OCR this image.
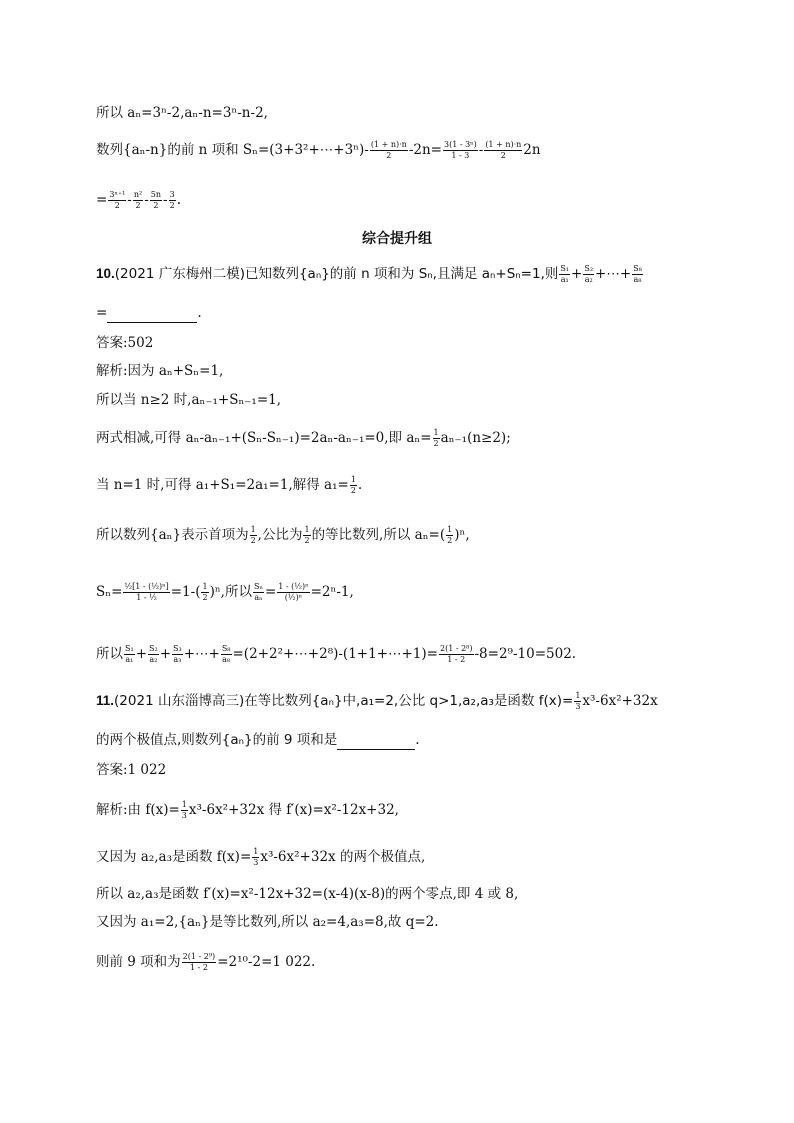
所以 aₙ=3ⁿ-2,aₙ-n=3ⁿ-n-2,
数列{aₙ-n}的前 n 项和 Sₙ=(3+3²+⋯+3ⁿ)- $\frac{(1 + n)\cdot n}{2} -2n= \frac{\text{3(1 - 3ⁿ)}}{1 - 3} - \frac{(1 + n)\cdot n}{2} 2n$
= $\frac{\text{3ⁿ⁺¹}}{2} - \frac{\text{n²}}{2} - \frac{5n}{2} - \frac{3}{2}$ .
综合提升组
10.(2021 广东梅州二模)已知数列{aₙ}的前 n 项和为 Sₙ,且满足 aₙ+Sₙ=1,则 $\frac{\text{S₁}}{\text{a₁}} + \frac{\text{S₂}}{\text{a₂}}$ +⋯+ $\frac{\text{S₈}}{\text{a₈}}$
=	.
答案:502
解析:因为 aₙ+Sₙ=1,
所以当 n≥2 时,aₙ₋₁+Sₙ₋₁=1,
两式相减,可得 aₙ-aₙ₋₁+(Sₙ-Sₙ₋₁)=2aₙ-aₙ₋₁=0,即 $a_n= \frac{1}{2} a_{n-1}(n\ge 2)$;
当 n=1 时,可得 a₁+S₁=2a₁=1,解得 $a_1= \frac{1}{2}$ .
所以数列{aₙ}表示首项为 $\frac{1}{2}$ ,公比为 $\frac{1}{2}$ 的等比数列,所以 $a_n=( \frac{1}{2} )^n$,
$S_n= \frac{\text{½[1 - (½)ⁿ]}}{\text{1 - ½}} =1-( \frac{1}{2} )^n$,所以 $\frac{\text{Sₙ}}{\text{aₙ}} = \frac{\text{1 - (½)ⁿ}}{\text{(½)ⁿ}} =2^n-1$,
所以 $\frac{\text{S₁}}{\text{a₁}} + \frac{\text{S₂}}{\text{a₂}} + \frac{\text{S₃}}{\text{a₃}}$ +⋯+ $\frac{\text{S₈}}{\text{a₈}}$ =(2+2²+⋯+2⁸)-(1+1+⋯+1)= $\frac{\text{2(1 - 2⁸)}}{1 - 2} -8=2^9-10=502$.
11.(2021 山东淄博高三)在等比数列{aₙ}中,a₁=2,公比 q>1,a₂,a₃是函数 $f(x)= \frac{1}{3} x^3-6x^2+32x$
的两个极值点,则数列{aₙ}的前 9 项和是	.
答案:1 022
解析:由 $f(x)= \frac{1}{3} x^3-6x^2+32x$ 得 f′(x)=x²-12x+32,
又因为 a₂,a₃是函数 $f(x)= \frac{1}{3} x^3-6x^2+32x$ 的两个极值点,
所以 a₂,a₃是函数 f′(x)=x²-12x+32=(x-4)(x-8)的两个零点,即 4 或 8,
又因为 a₁=2,{aₙ}是等比数列,所以 a₂=4,a₃=8,故 q=2.
则前 9 项和为 $\frac{\text{2(1 - 2⁹)}}{1 - 2} =2^{10}-2=1$ 022.
